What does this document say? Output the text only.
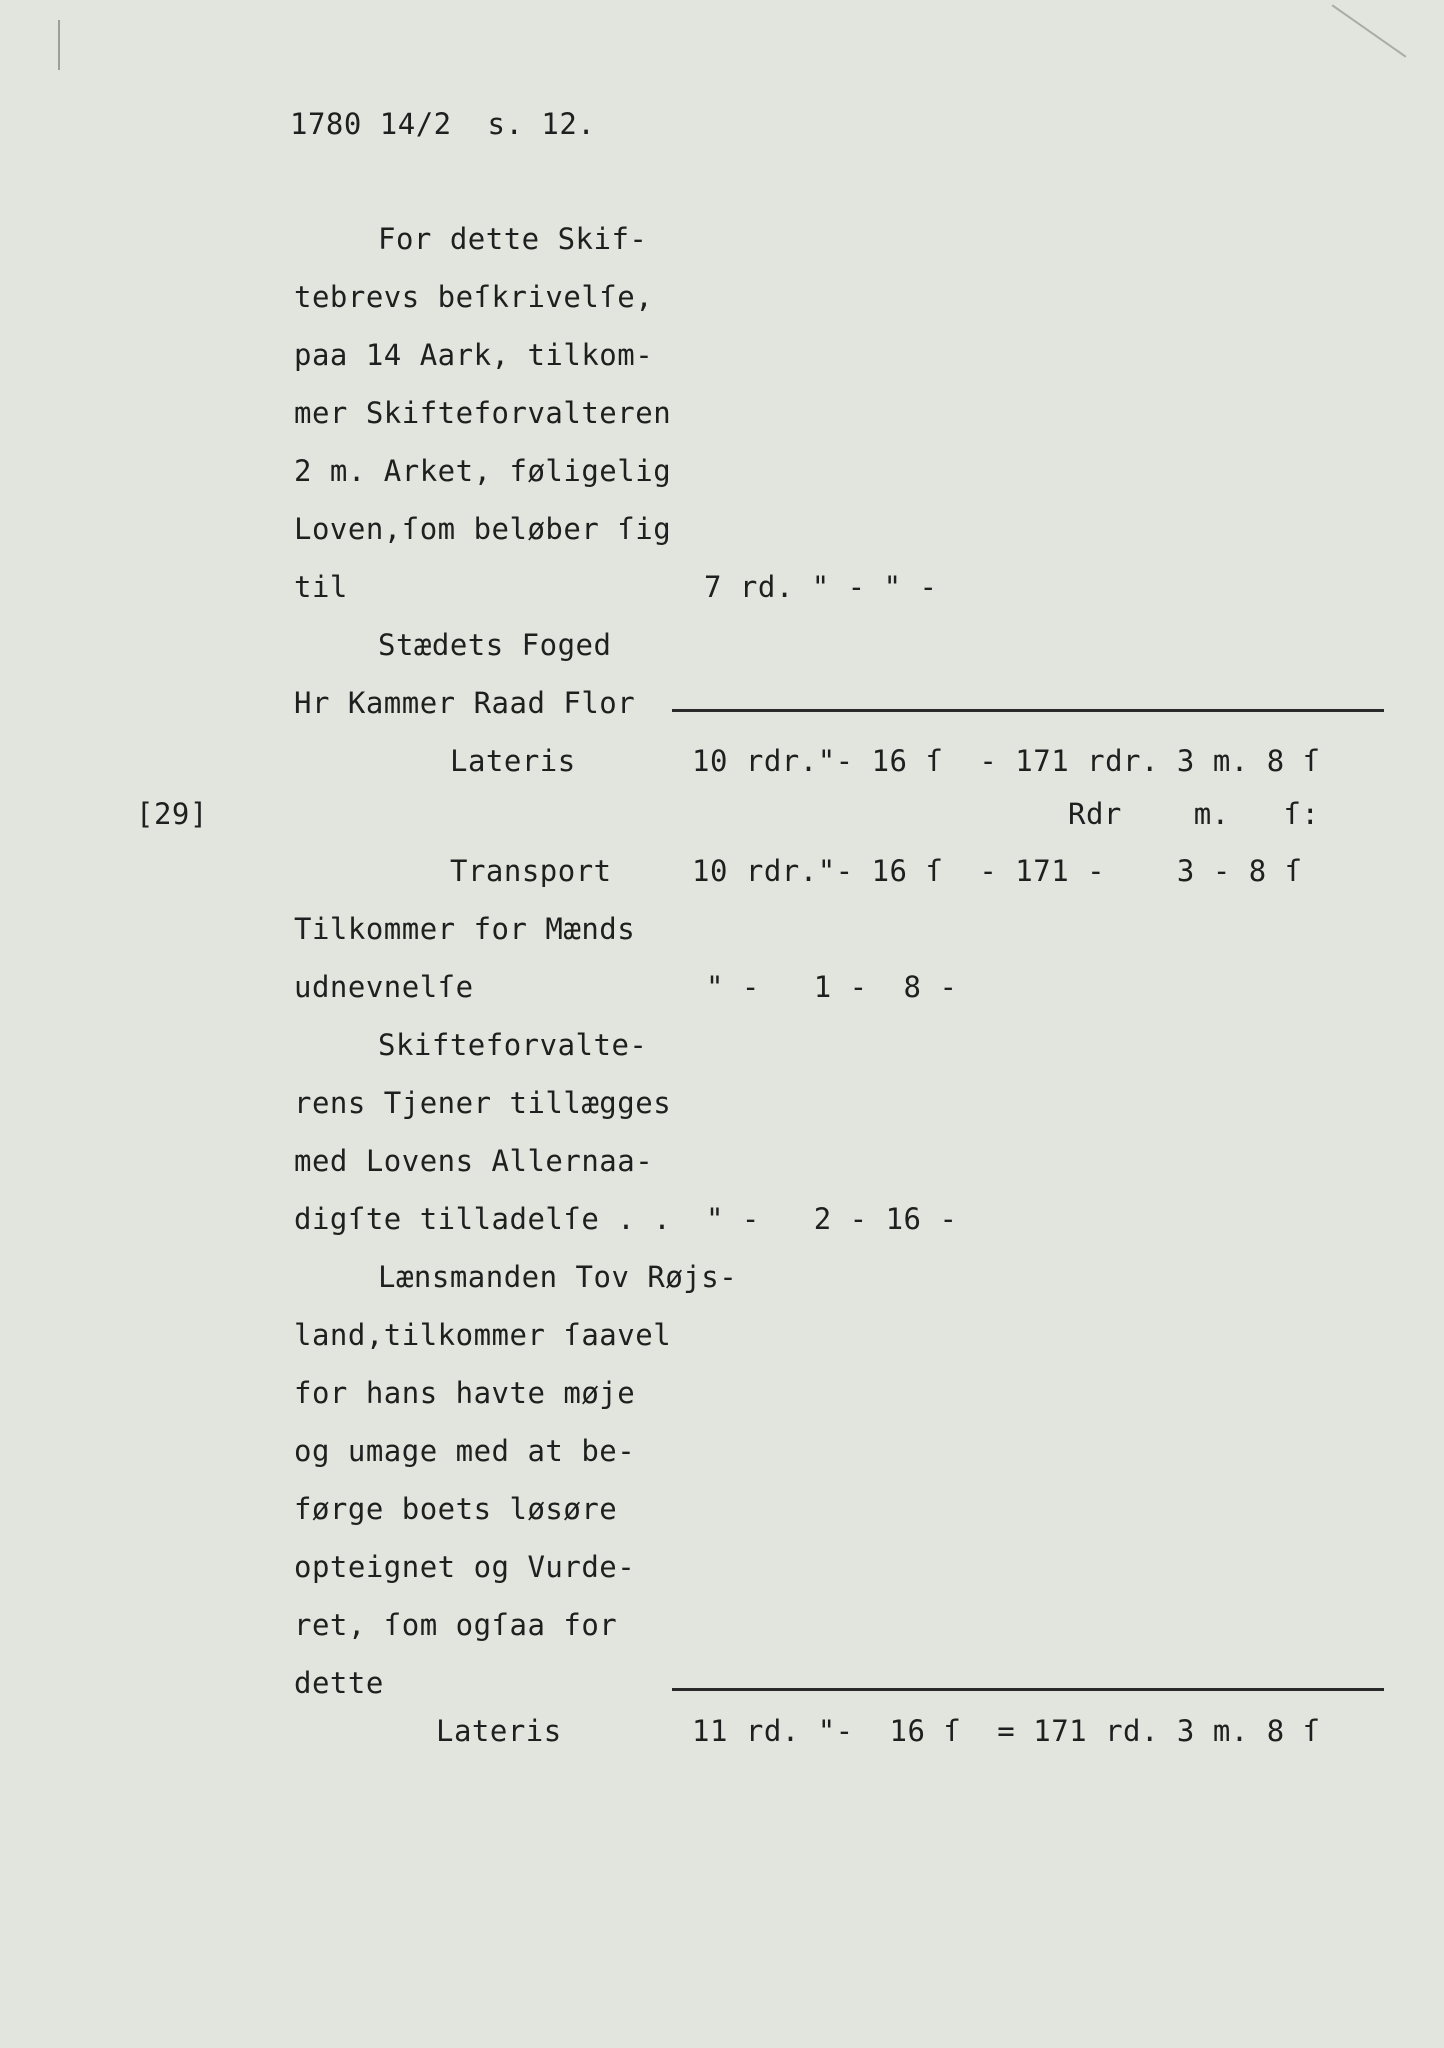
1780 14/2  s. 12.
[29]
For dette Skif-
tebrevs beſkrivelſe,
paa 14 Aark, tilkom-
mer Skifteforvalteren
2 m. Arket, føligelig
Loven,ſom beløber ſig
til
Stædets Foged
Hr Kammer Raad Flor
Lateris
Transport
Tilkommer for Mænds
udnevnelſe
Skifteforvalte-
rens Tjener tillægges
med Lovens Allernaa-
digſte tilladelſe . .
Lænsmanden Tov Røjs-
land,tilkommer ſaavel
for hans havte møje
og umage med at be-
førge boets løsøre
opteignet og Vurde-
ret, ſom ogſaa for
dette
Lateris
7 rd. " - " -
10 rdr."- 16 ſ  - 171 rdr. 3 m. 8 ſ
Rdr    m.   ſ:
10 rdr."- 16 ſ  - 171 -    3 - 8 ſ
" -   1 -  8 -
" -   2 - 16 -
11 rd. "-  16 ſ  = 171 rd. 3 m. 8 ſ
